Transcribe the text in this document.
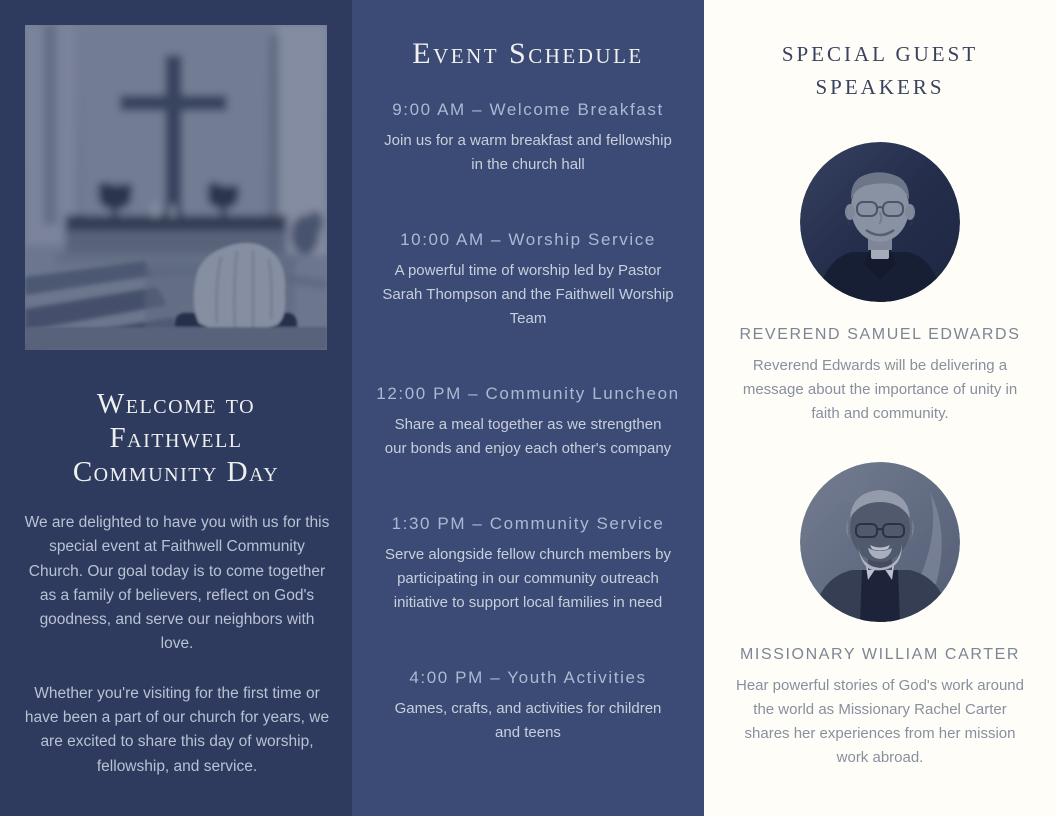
Welcome to
Faithwell
Community Day

We are delighted to have you with us for this special event at Faithwell Community Church. Our goal today is to come together as a family of believers, reflect on God's goodness, and serve our neighbors with love.

Whether you're visiting for the first time or have been a part of our church for years, we are excited to share this day of worship, fellowship, and service.

Event Schedule
9:00 AM – Welcome Breakfast
Join us for a warm breakfast and fellowship in the church hall
10:00 AM – Worship Service
A powerful time of worship led by Pastor Sarah Thompson and the Faithwell Worship Team
12:00 PM – Community Luncheon
Share a meal together as we strengthen our bonds and enjoy each other's company
1:30 PM – Community Service
Serve alongside fellow church members by participating in our community outreach initiative to support local families in need
4:00 PM – Youth Activities
Games, crafts, and activities for children and teens
SPECIAL GUEST
SPEAKERS
REVEREND SAMUEL EDWARDS

Reverend Edwards will be delivering a message about the importance of unity in faith and community.

MISSIONARY WILLIAM CARTER

Hear powerful stories of God's work around the world as Missionary Rachel Carter shares her experiences from her mission work abroad.
